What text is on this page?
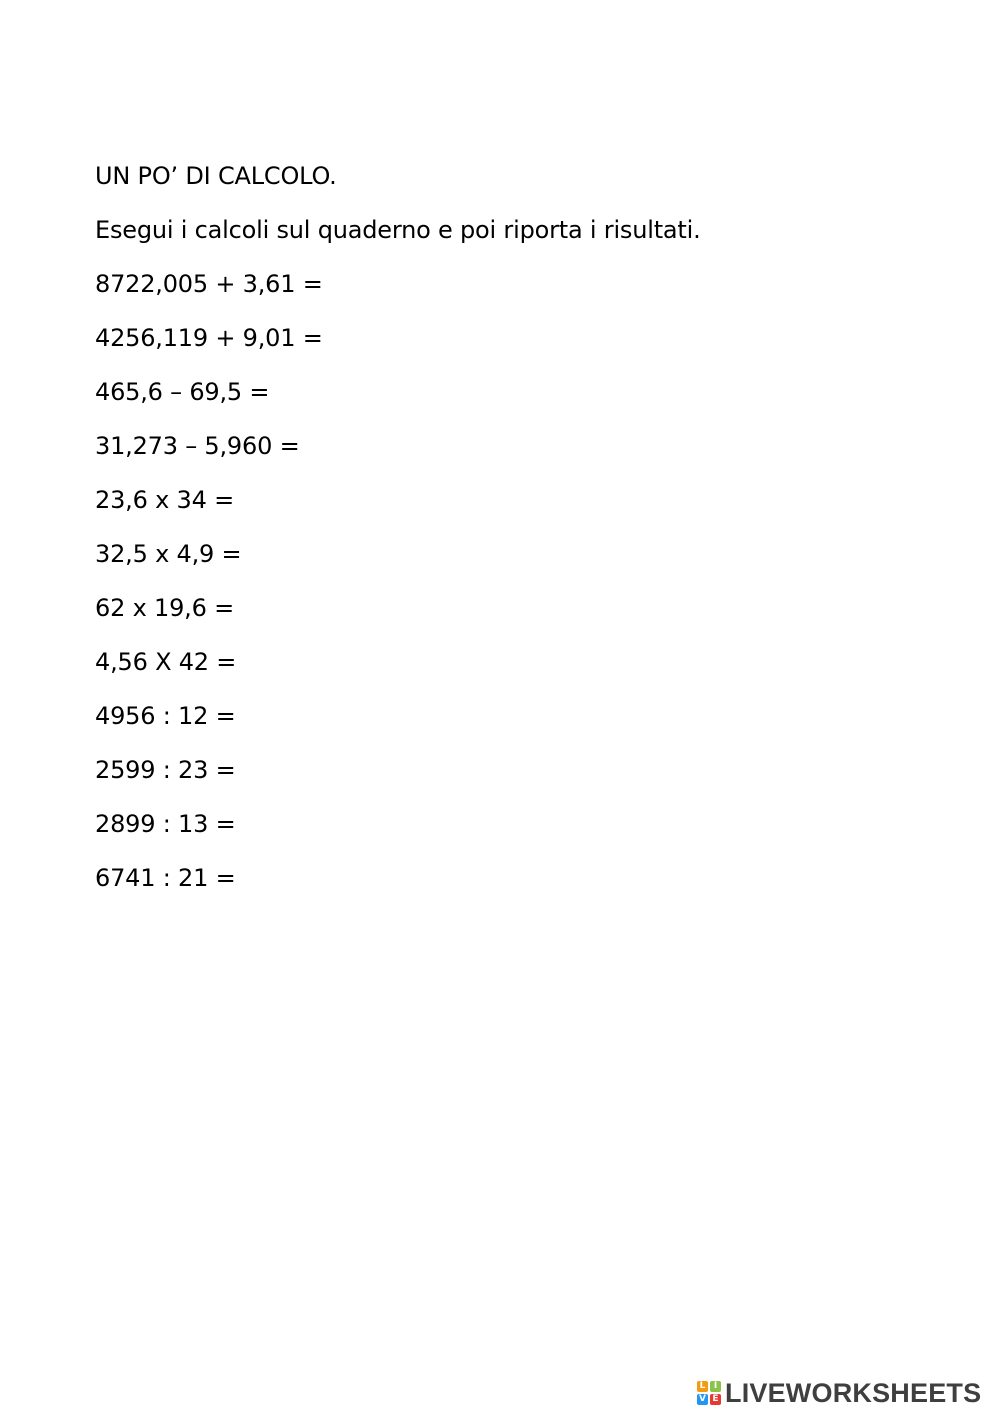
UN PO’ DI CALCOLO.
Esegui i calcoli sul quaderno e poi riporta i risultati.
8722,005 + 3,61 =
4256,119 + 9,01 =
465,6 – 69,5 =
31,273 – 5,960 =
23,6 x 34 =
32,5 x 4,9 =
62 x 19,6 =
4,56 X 42 =
4956 : 12 =
2599 : 23 =
2899 : 13 =
6741 : 21 =
L I
V E LIVEWORKSHEETS
